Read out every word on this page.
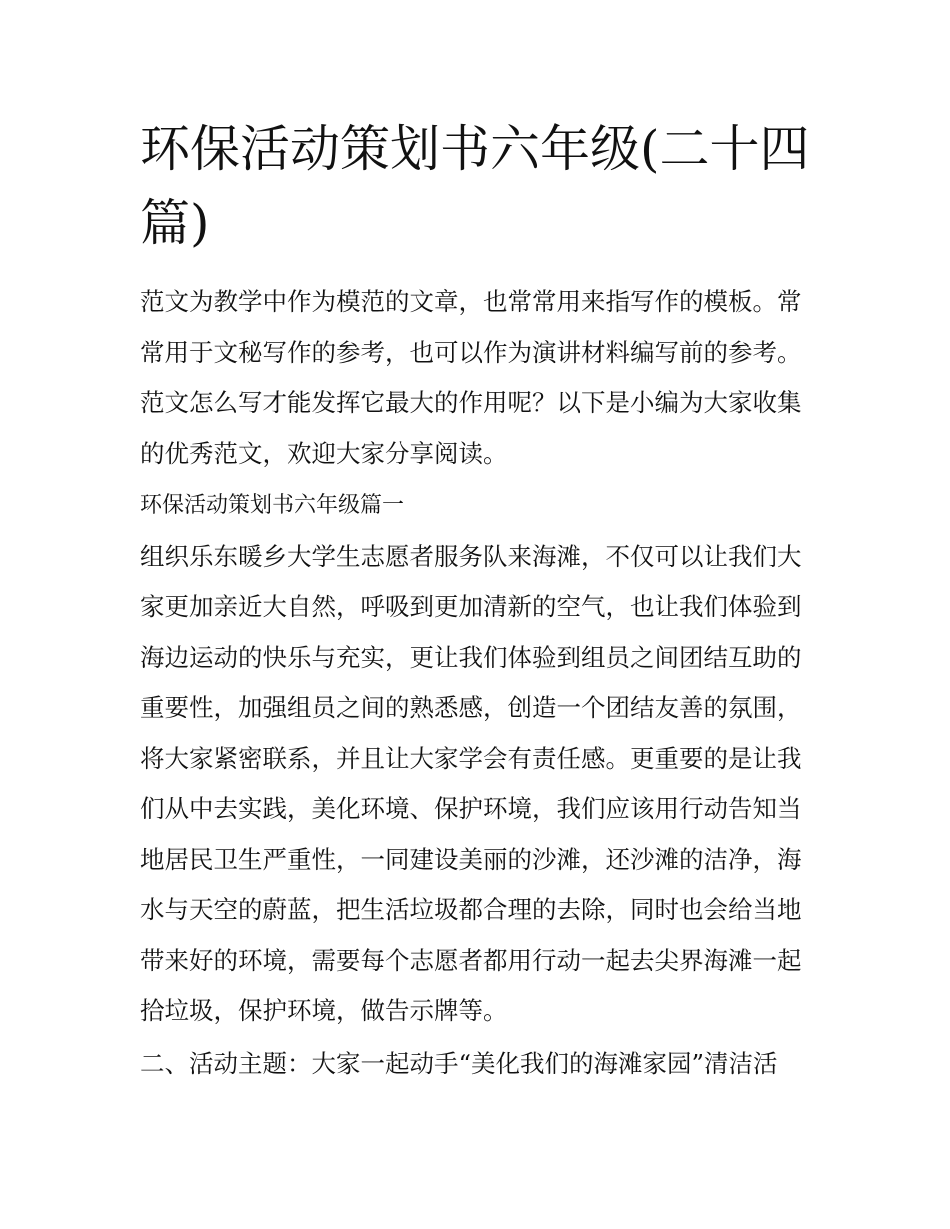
环保活动策划书六年级(二十四篇)

范文为教学中作为模范的文章，也常常用来指写作的模板。常常用于文秘写作的参考，也可以作为演讲材料编写前的参考。范文怎么写才能发挥它最大的作用呢？以下是小编为大家收集的优秀范文，欢迎大家分享阅读。

环保活动策划书六年级篇一

组织乐东暖乡大学生志愿者服务队来海滩，不仅可以让我们大家更加亲近大自然，呼吸到更加清新的空气，也让我们体验到海边运动的快乐与充实，更让我们体验到组员之间团结互助的重要性，加强组员之间的熟悉感，创造一个团结友善的氛围，将大家紧密联系，并且让大家学会有责任感。更重要的是让我们从中去实践，美化环境、保护环境，我们应该用行动告知当地居民卫生严重性，一同建设美丽的沙滩，还沙滩的洁净，海水与天空的蔚蓝，把生活垃圾都合理的去除，同时也会给当地带来好的环境，需要每个志愿者都用行动一起去尖界海滩一起拾垃圾，保护环境，做告示牌等。

二、活动主题：大家一起动手“美化我们的海滩家园”清洁活
